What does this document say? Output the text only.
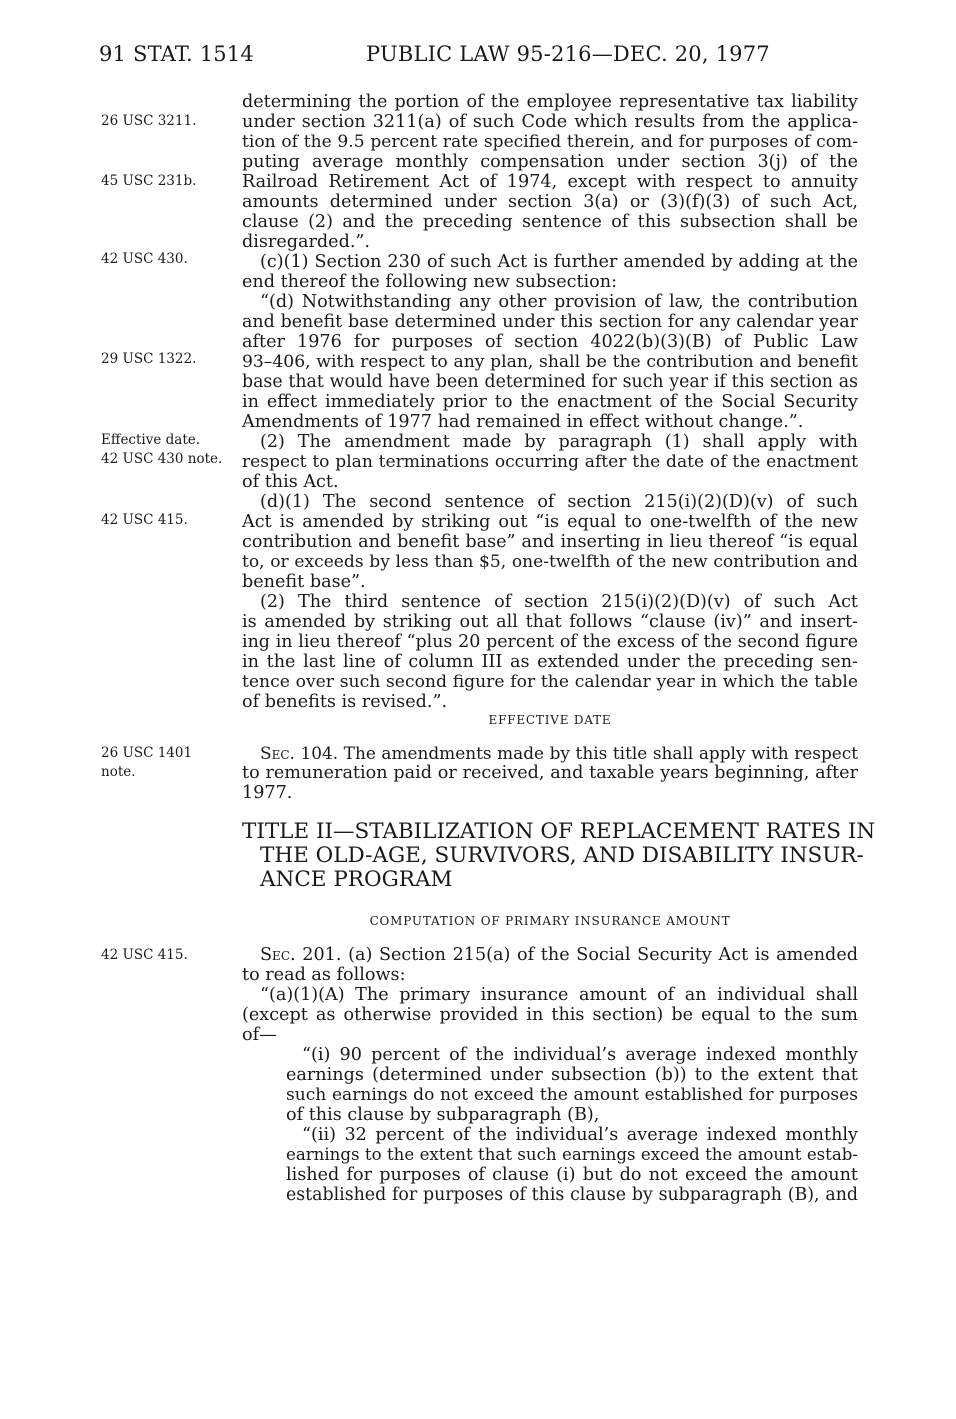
91 STAT. 1514	PUBLIC LAW 95-216—DEC. 20, 1977
26 USC 3211.
45 USC 231b.
42 USC 430.
29 USC 1322.
Effective date.
42 USC 430 note.
42 USC 415.
26 USC 1401
note.
42 USC 415.
determining the portion of the employee representative tax liability
under section 3211(a) of such Code which results from the applica-
tion of the 9.5 percent rate specified therein, and for purposes of com-
puting average monthly compensation under section 3(j) of the
Railroad Retirement Act of 1974, except with respect to annuity
amounts determined under section 3(a) or (3)(f)(3) of such Act,
clause (2) and the preceding sentence of this subsection shall be
disregarded.”.
(c)(1) Section 230 of such Act is further amended by adding at the
end thereof the following new subsection:
“(d) Notwithstanding any other provision of law, the contribution
and benefit base determined under this section for any calendar year
after 1976 for purposes of section 4022(b)(3)(B) of Public Law
93–406, with respect to any plan, shall be the contribution and benefit
base that would have been determined for such year if this section as
in effect immediately prior to the enactment of the Social Security
Amendments of 1977 had remained in effect without change.”.
(2) The amendment made by paragraph (1) shall apply with
respect to plan terminations occurring after the date of the enactment
of this Act.
(d)(1) The second sentence of section 215(i)(2)(D)(v) of such
Act is amended by striking out “is equal to one-twelfth of the new
contribution and benefit base” and inserting in lieu thereof “is equal
to, or exceeds by less than $5, one-twelfth of the new contribution and
benefit base”.
(2) The third sentence of section 215(i)(2)(D)(v) of such Act
is amended by striking out all that follows “clause (iv)” and insert-
ing in lieu thereof “plus 20 percent of the excess of the second figure
in the last line of column III as extended under the preceding sen-
tence over such second figure for the calendar year in which the table
of benefits is revised.”.
EFFECTIVE DATE
Sec. 104. The amendments made by this title shall apply with respect
to remuneration paid or received, and taxable years beginning, after
1977.
TITLE II—STABILIZATION OF REPLACEMENT RATES IN
THE OLD-AGE, SURVIVORS, AND DISABILITY INSUR-
ANCE PROGRAM
COMPUTATION OF PRIMARY INSURANCE AMOUNT
Sec. 201. (a) Section 215(a) of the Social Security Act is amended
to read as follows:
“(a)(1)(A) The primary insurance amount of an individual shall
(except as otherwise provided in this section) be equal to the sum
of—
“(i) 90 percent of the individual’s average indexed monthly
earnings (determined under subsection (b)) to the extent that
such earnings do not exceed the amount established for purposes
of this clause by subparagraph (B),
“(ii) 32 percent of the individual’s average indexed monthly
earnings to the extent that such earnings exceed the amount estab-
lished for purposes of clause (i) but do not exceed the amount
established for purposes of this clause by subparagraph (B), and
